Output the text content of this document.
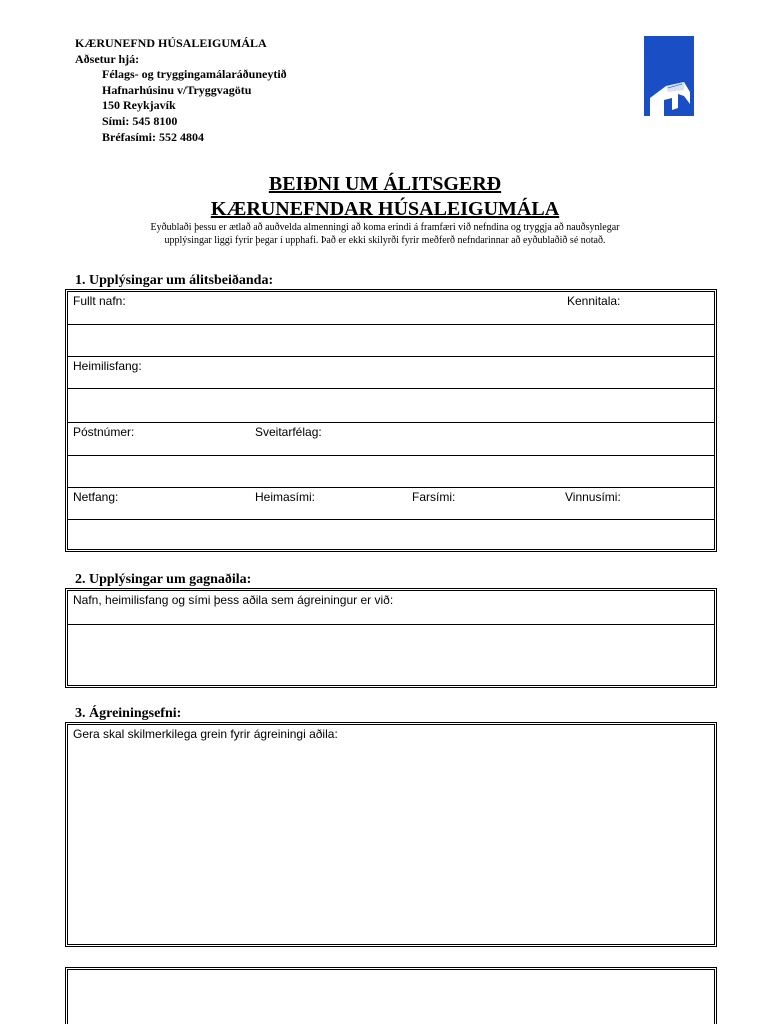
KÆRUNEFND HÚSALEIGUMÁLA
Aðsetur hjá:
Félags- og tryggingamálaráðuneytið
Hafnarhúsinu v/Tryggvagötu
150 Reykjavík
Sími: 545 8100
Bréfasími: 552 4804
BEIÐNI UM ÁLITSGERÐ
KÆRUNEFNDAR HÚSALEIGUMÁLA
Eyðublaði þessu er ætlað að auðvelda almenningi að koma erindi á framfæri við nefndina og tryggja að nauðsynlegar
upplýsingar liggi fyrir þegar í upphafi. Það er ekki skilyrði fyrir meðferð nefndarinnar að eyðublaðið sé notað.
1. Upplýsingar um álitsbeiðanda:
Fullt nafn:	Kennitala:
Heimilisfang:
Póstnúmer:	Sveitarfélag:
Netfang:	Heimasími:	Farsími:	Vinnusími:
2. Upplýsingar um gagnaðila:
Nafn, heimilisfang og sími þess aðila sem ágreiningur er við:
3. Ágreiningsefni:
Gera skal skilmerkilega grein fyrir ágreiningi aðila:
